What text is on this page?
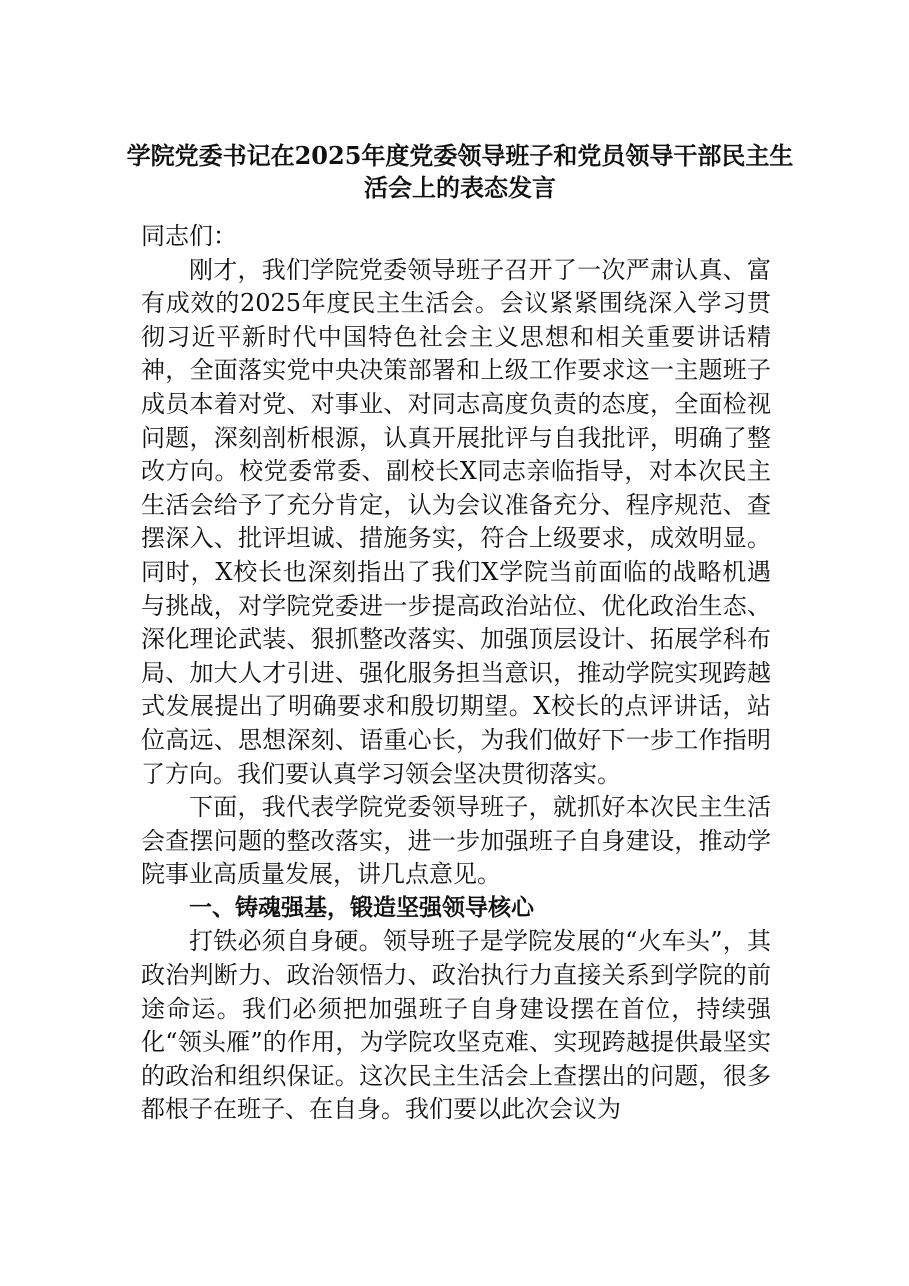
学院党委书记在2025年度党委领导班子和党员领导干部民主生活会上的表态发言

同志们：

刚才，我们学院党委领导班子召开了一次严肃认真、富有成效的2025年度民主生活会。会议紧紧围绕深入学习贯彻习近平新时代中国特色社会主义思想和相关重要讲话精神，全面落实党中央决策部署和上级工作要求这一主题班子成员本着对党、对事业、对同志高度负责的态度，全面检视问题，深刻剖析根源，认真开展批评与自我批评，明确了整改方向。校党委常委、副校长X同志亲临指导，对本次民主生活会给予了充分肯定，认为会议准备充分、程序规范、查摆深入、批评坦诚、措施务实，符合上级要求，成效明显。同时，X校长也深刻指出了我们X学院当前面临的战略机遇与挑战，对学院党委进一步提高政治站位、优化政治生态、深化理论武装、狠抓整改落实、加强顶层设计、拓展学科布局、加大人才引进、强化服务担当意识，推动学院实现跨越式发展提出了明确要求和殷切期望。X校长的点评讲话，站位高远、思想深刻、语重心长，为我们做好下一步工作指明了方向。我们要认真学习领会坚决贯彻落实。

下面，我代表学院党委领导班子，就抓好本次民主生活会查摆问题的整改落实，进一步加强班子自身建设，推动学院事业高质量发展，讲几点意见。

一、铸魂强基，锻造坚强领导核心

打铁必须自身硬。领导班子是学院发展的“火车头”，其政治判断力、政治领悟力、政治执行力直接关系到学院的前途命运。我们必须把加强班子自身建设摆在首位，持续强化“领头雁”的作用，为学院攻坚克难、实现跨越提供最坚实的政治和组织保证。这次民主生活会上查摆出的问题，很多都根子在班子、在自身。我们要以此次会议为
